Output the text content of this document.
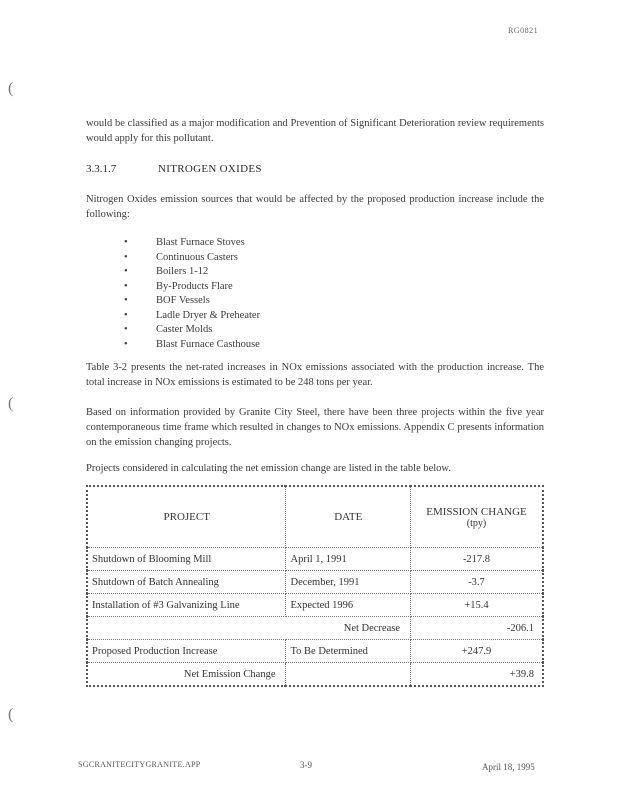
RG0821
(
(
(

would be classified as a major modification and Prevention of Significant Deterioration review requirements would apply for this pollutant.

3.3.1.7	NITROGEN OXIDES

Nitrogen Oxides emission sources that would be affected by the proposed production increase include the following:

•	Blast Furnace Stoves
•	Continuous Casters
•	Boilers 1-12
•	By-Products Flare
•	BOF Vessels
•	Ladle Dryer & Preheater
•	Caster Molds
•	Blast Furnace Casthouse

Table 3-2 presents the net-rated increases in NOx emissions associated with the production increase. The total increase in NOx emissions is estimated to be 248 tons per year.

Based on information provided by Granite City Steel, there have been three projects within the five year contemporaneous time frame which resulted in changes to NOx emissions. Appendix C presents information on the emission changing projects.

Projects considered in calculating the net emission change are listed in the table below.

PROJECT	DATE	EMISSION CHANGE
(tpy)

Shutdown of Blooming Mill	April 1, 1991	-217.8
Shutdown of Batch Annealing	December, 1991	-3.7
Installation of #3 Galvanizing Line	Expected 1996	+15.4
Net Decrease		-206.1
Proposed Production Increase	To Be Determined	+247.9
Net Emission Change		+39.8
SGCRANITECITYGRANITE.APP	3-9	April 18, 1995
